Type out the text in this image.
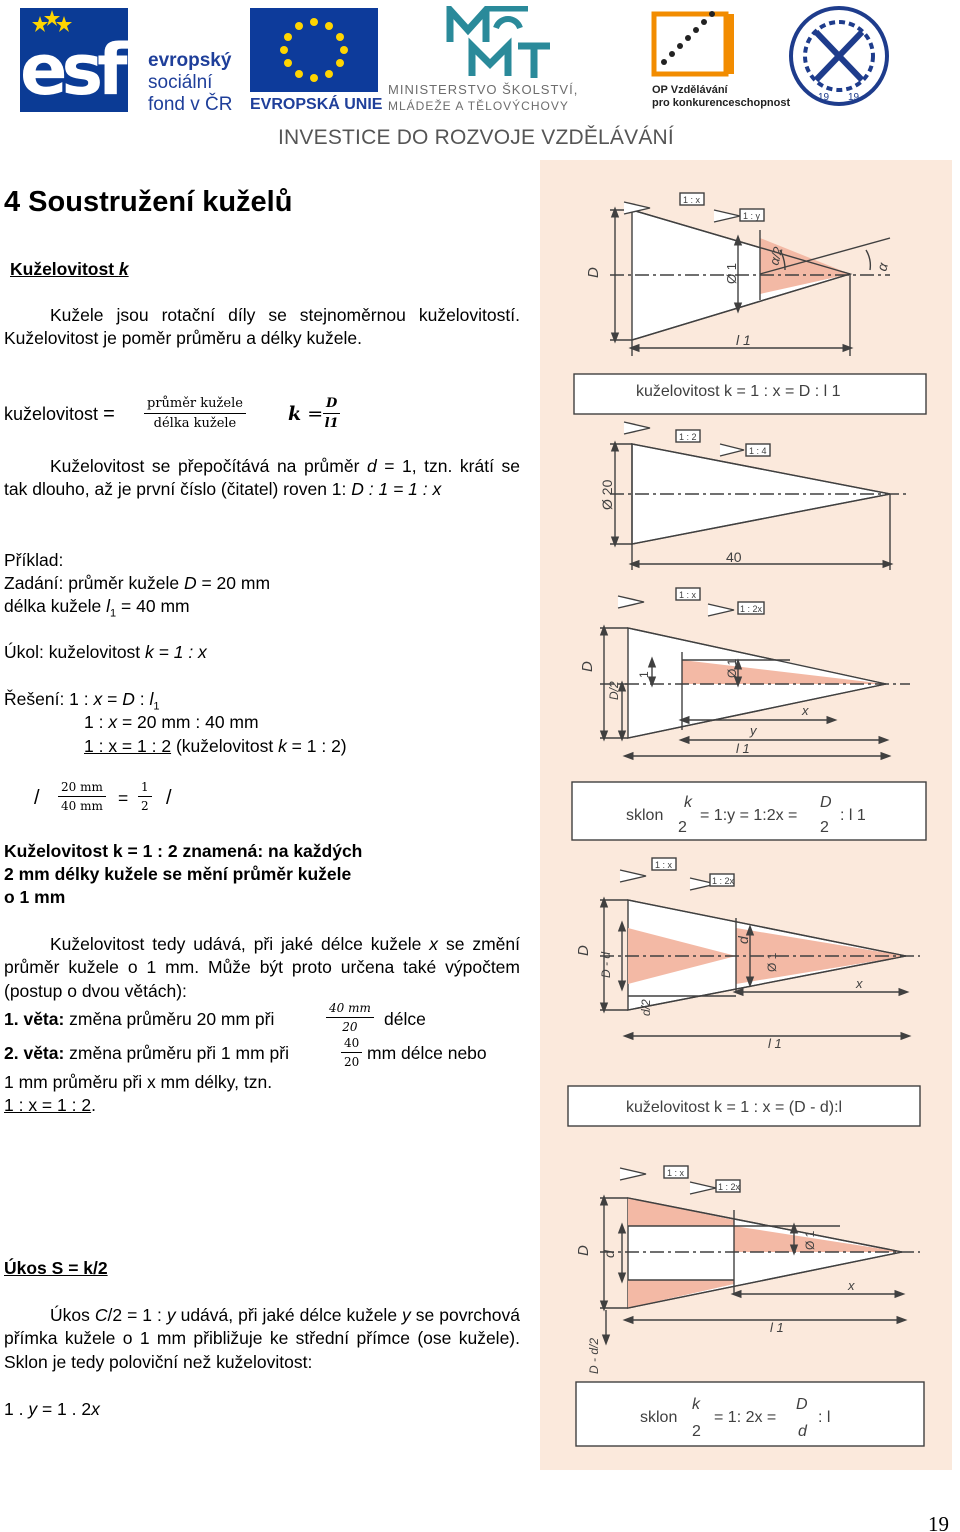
esf	evropský
sociální
fond v ČR EVROPSKÁ UNIE
MINISTERSTVO ŠKOLSTVÍ,
MLÁDEŽE A TĚLOVÝCHOVY
OP Vzdělávání
pro konkurenceschopnost	19 19
INVESTICE DO ROZVOJE VZDĚLÁVÁNÍ
4 Soustružení kuželů
Kuželovitost k
Kužele jsou rotační díly se stejnoměrnou kuželovitostí. Kuželovitost je poměr průměru a délky kužele.
kuželovitost = průměr kužele
délka kužele	$k = \frac{D}{l1}$
Kuželovitost se přepočítává na průměr d = 1, tzn. krátí se tak dlouho, až je první číslo (čitatel) roven 1: D : 1 = 1 : x
Příklad:
Zadání: průměr kužele D = 20 mm
délka kužele $l_1 = 40$ mm
Úkol: kuželovitost k = 1 : x
Řešení: 1 : x = D : $l_1$
1 : x = 20 mm : 40 mm
1 : x = 1 : 2 (kuželovitost k = 1 : 2)
/ $\frac{20 mm}{40 mm} = \frac{1}{2}$ /
Kuželovitost k = 1 : 2 znamená: na každých
2 mm délky kužele se mění průměr kužele
o 1 mm
Kuželovitost tedy udává, při jaké délce kužele x se změní průměr kužele o 1 mm. Může být proto určena také výpočtem (postup o dvou větách):
1. věta: změna průměru 20 mm při	$\frac{40 mm}{20}$ délce
2. věta: změna průměru při 1 mm při	$\frac{40}{20}$ mm délce nebo
1 mm průměru při x mm délky, tzn.
1 : x = 1 : 2.
Úkos S = k/2
Úkos C/2 = 1 : y udává, při jaké délce kužele y se povrchová přímka kužele o 1 mm přibližuje ke střední přímce (ose kužele). Sklon je tedy poloviční než kuželovitost:
1 . y = 1 . 2x
1 : x
1 : y
D	Ø 1
α/2
α
l 1
kuželovitost k = 1 : x = D : l 1
1 : 2
1 : 4
Ø 20
40
1 : x
1 : 2x
D
D/2
1	Ø 1
x
y
l 1
sklon
k
2
= 1:y = 1:2x =
D
2
: l 1
1 : x
1 : 2x
D
D - d
d
Ø 1
x
d/2
l 1
kuželovitost k = 1 : x = (D - d):l
1 : x
1 : 2x
D d
Ø 1
x
D - d/2
l 1
sklon
k
2
= 1: 2x =
D
d
: l
19
